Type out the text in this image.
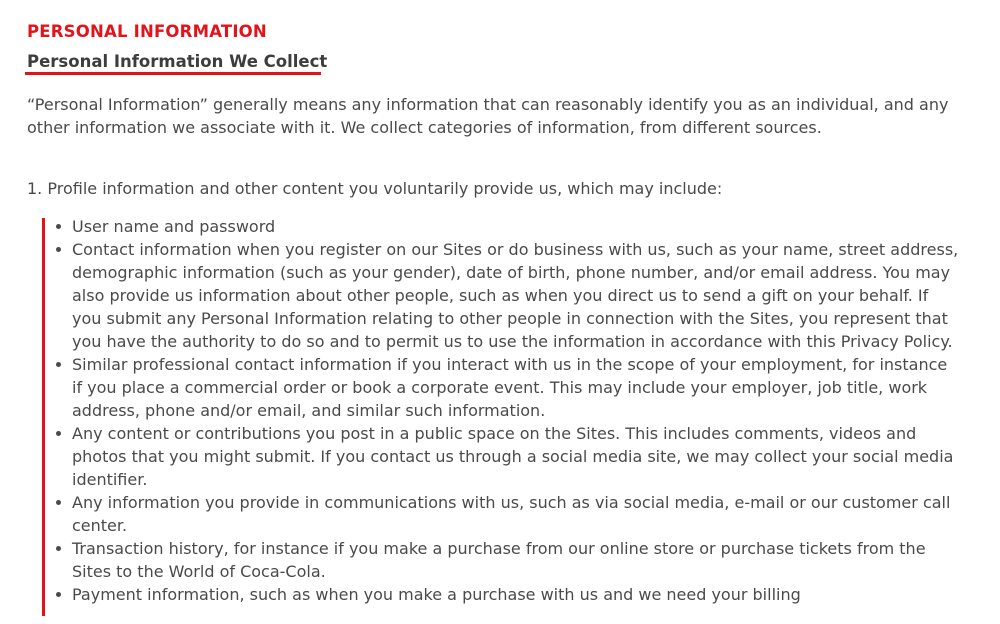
PERSONAL INFORMATION
Personal Information We Collect

“Personal Information” generally means any information that can reasonably identify you as an individual, and any other information we associate with it. We collect categories of information, from different sources.

1. Profile information and other content you voluntarily provide us, which may include:

User name and password
Contact information when you register on our Sites or do business with us, such as your name, street address, demographic information (such as your gender), date of birth, phone number, and/or email address. You may also provide us information about other people, such as when you direct us to send a gift on your behalf. If you submit any Personal Information relating to other people in connection with the Sites, you represent that you have the authority to do so and to permit us to use the information in accordance with this Privacy Policy.
Similar professional contact information if you interact with us in the scope of your employment, for instance if you place a commercial order or book a corporate event. This may include your employer, job title, work address, phone and/or email, and similar such information.
Any content or contributions you post in a public space on the Sites. This includes comments, videos and photos that you might submit. If you contact us through a social media site, we may collect your social media identifier.
Any information you provide in communications with us, such as via social media, e-mail or our customer call center.
Transaction history, for instance if you make a purchase from our online store or purchase tickets from the Sites to the World of Coca-Cola.
Payment information, such as when you make a purchase with us and we need your billing
